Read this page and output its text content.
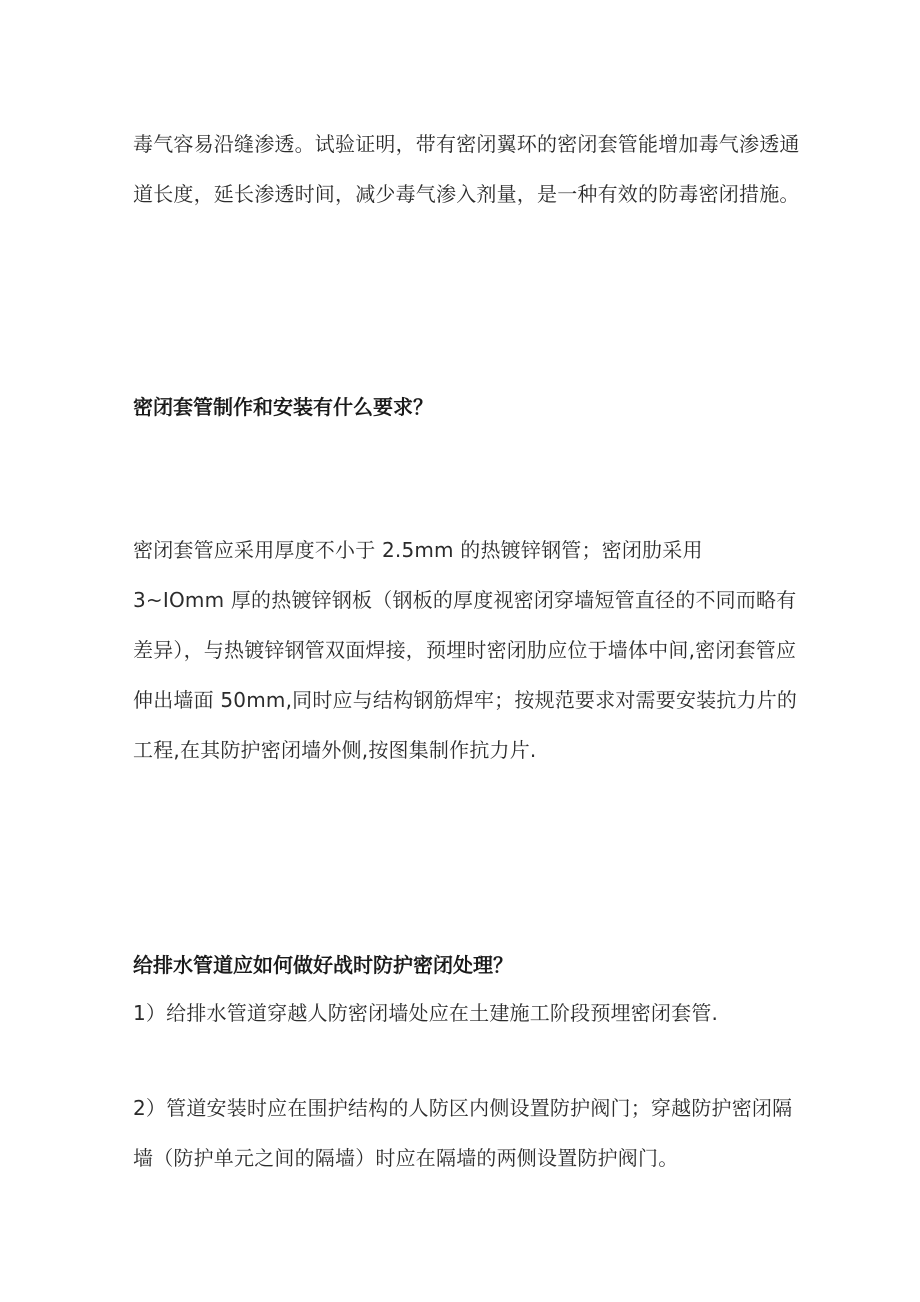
毒气容易沿缝渗透。试验证明，带有密闭翼环的密闭套管能增加毒气渗透通
道长度，延长渗透时间，减少毒气渗入剂量，是一种有效的防毒密闭措施。

密闭套管制作和安装有什么要求？

密闭套管应采用厚度不小于 2.5mm 的热镀锌钢管；密闭肋采用
3~IOmm 厚的热镀锌钢板（钢板的厚度视密闭穿墙短管直径的不同而略有
差异），与热镀锌钢管双面焊接，预埋时密闭肋应位于墙体中间,密闭套管应
伸出墙面 50mm,同时应与结构钢筋焊牢；按规范要求对需要安装抗力片的
工程,在其防护密闭墙外侧,按图集制作抗力片.

给排水管道应如何做好战时防护密闭处理？

1）给排水管道穿越人防密闭墙处应在土建施工阶段预埋密闭套管.

2）管道安装时应在围护结构的人防区内侧设置防护阀门；穿越防护密闭隔
墙（防护单元之间的隔墙）时应在隔墙的两侧设置防护阀门。
